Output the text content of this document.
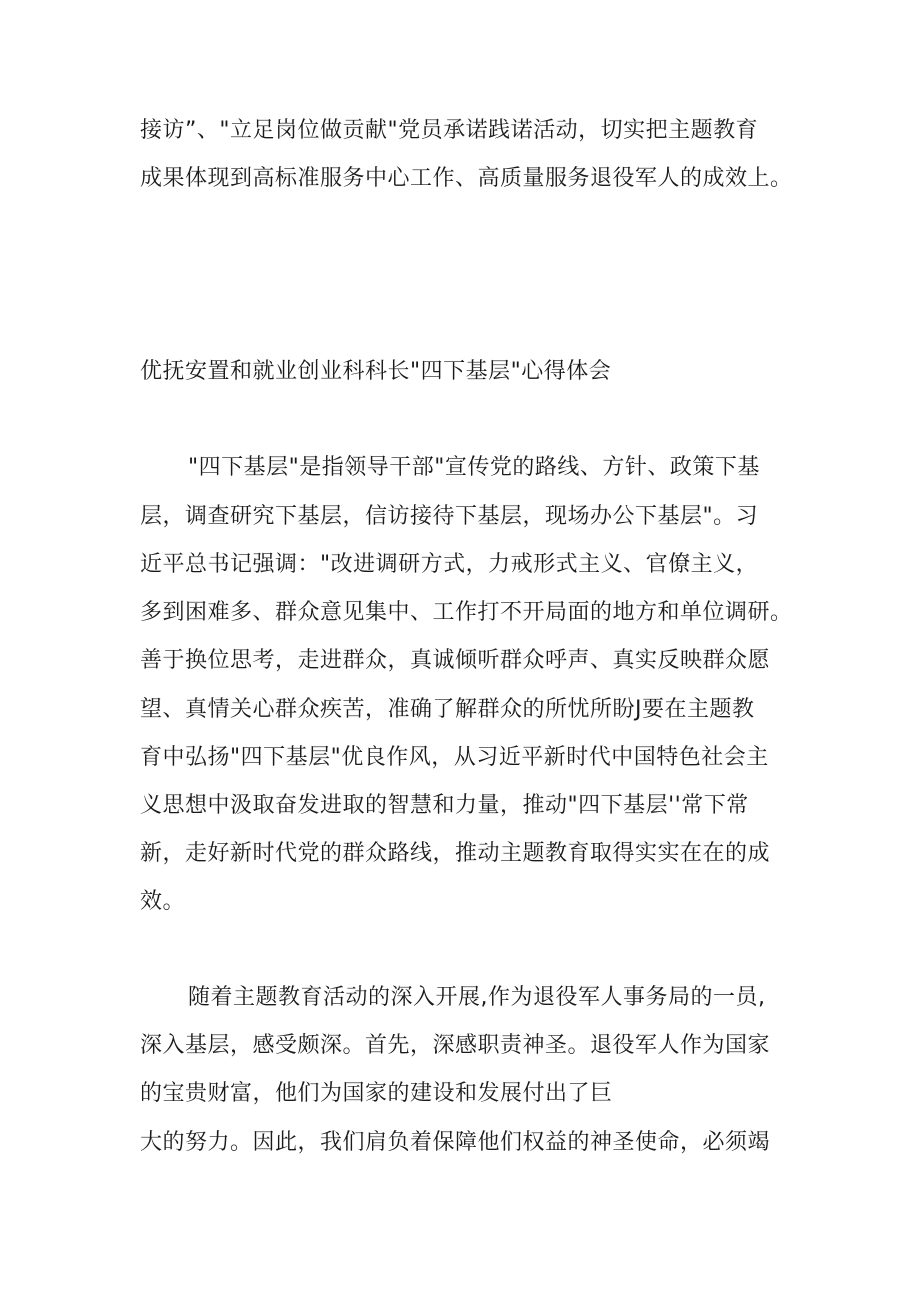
接访”、"立足岗位做贡献"党员承诺践诺活动，切实把主题教育
成果体现到高标准服务中心工作、高质量服务退役军人的成效上。
优抚安置和就业创业科科长"四下基层"心得体会
"四下基层"是指领导干部"宣传党的路线、方针、政策下基
层，调查研究下基层，信访接待下基层，现场办公下基层"。习
近平总书记强调："改进调研方式，力戒形式主义、官僚主义，
多到困难多、群众意见集中、工作打不开局面的地方和单位调研。
善于换位思考，走进群众，真诚倾听群众呼声、真实反映群众愿
望、真情关心群众疾苦，准确了解群众的所忧所盼J要在主题教
育中弘扬"四下基层"优良作风，从习近平新时代中国特色社会主
义思想中汲取奋发进取的智慧和力量，推动"四下基层''常下常
新，走好新时代党的群众路线，推动主题教育取得实实在在的成
效。
随着主题教育活动的深入开展,作为退役军人事务局的一员,
深入基层，感受颇深。首先，深感职责神圣。退役军人作为国家
的宝贵财富，他们为国家的建设和发展付出了巨
大的努力。因此，我们肩负着保障他们权益的神圣使命，必须竭
